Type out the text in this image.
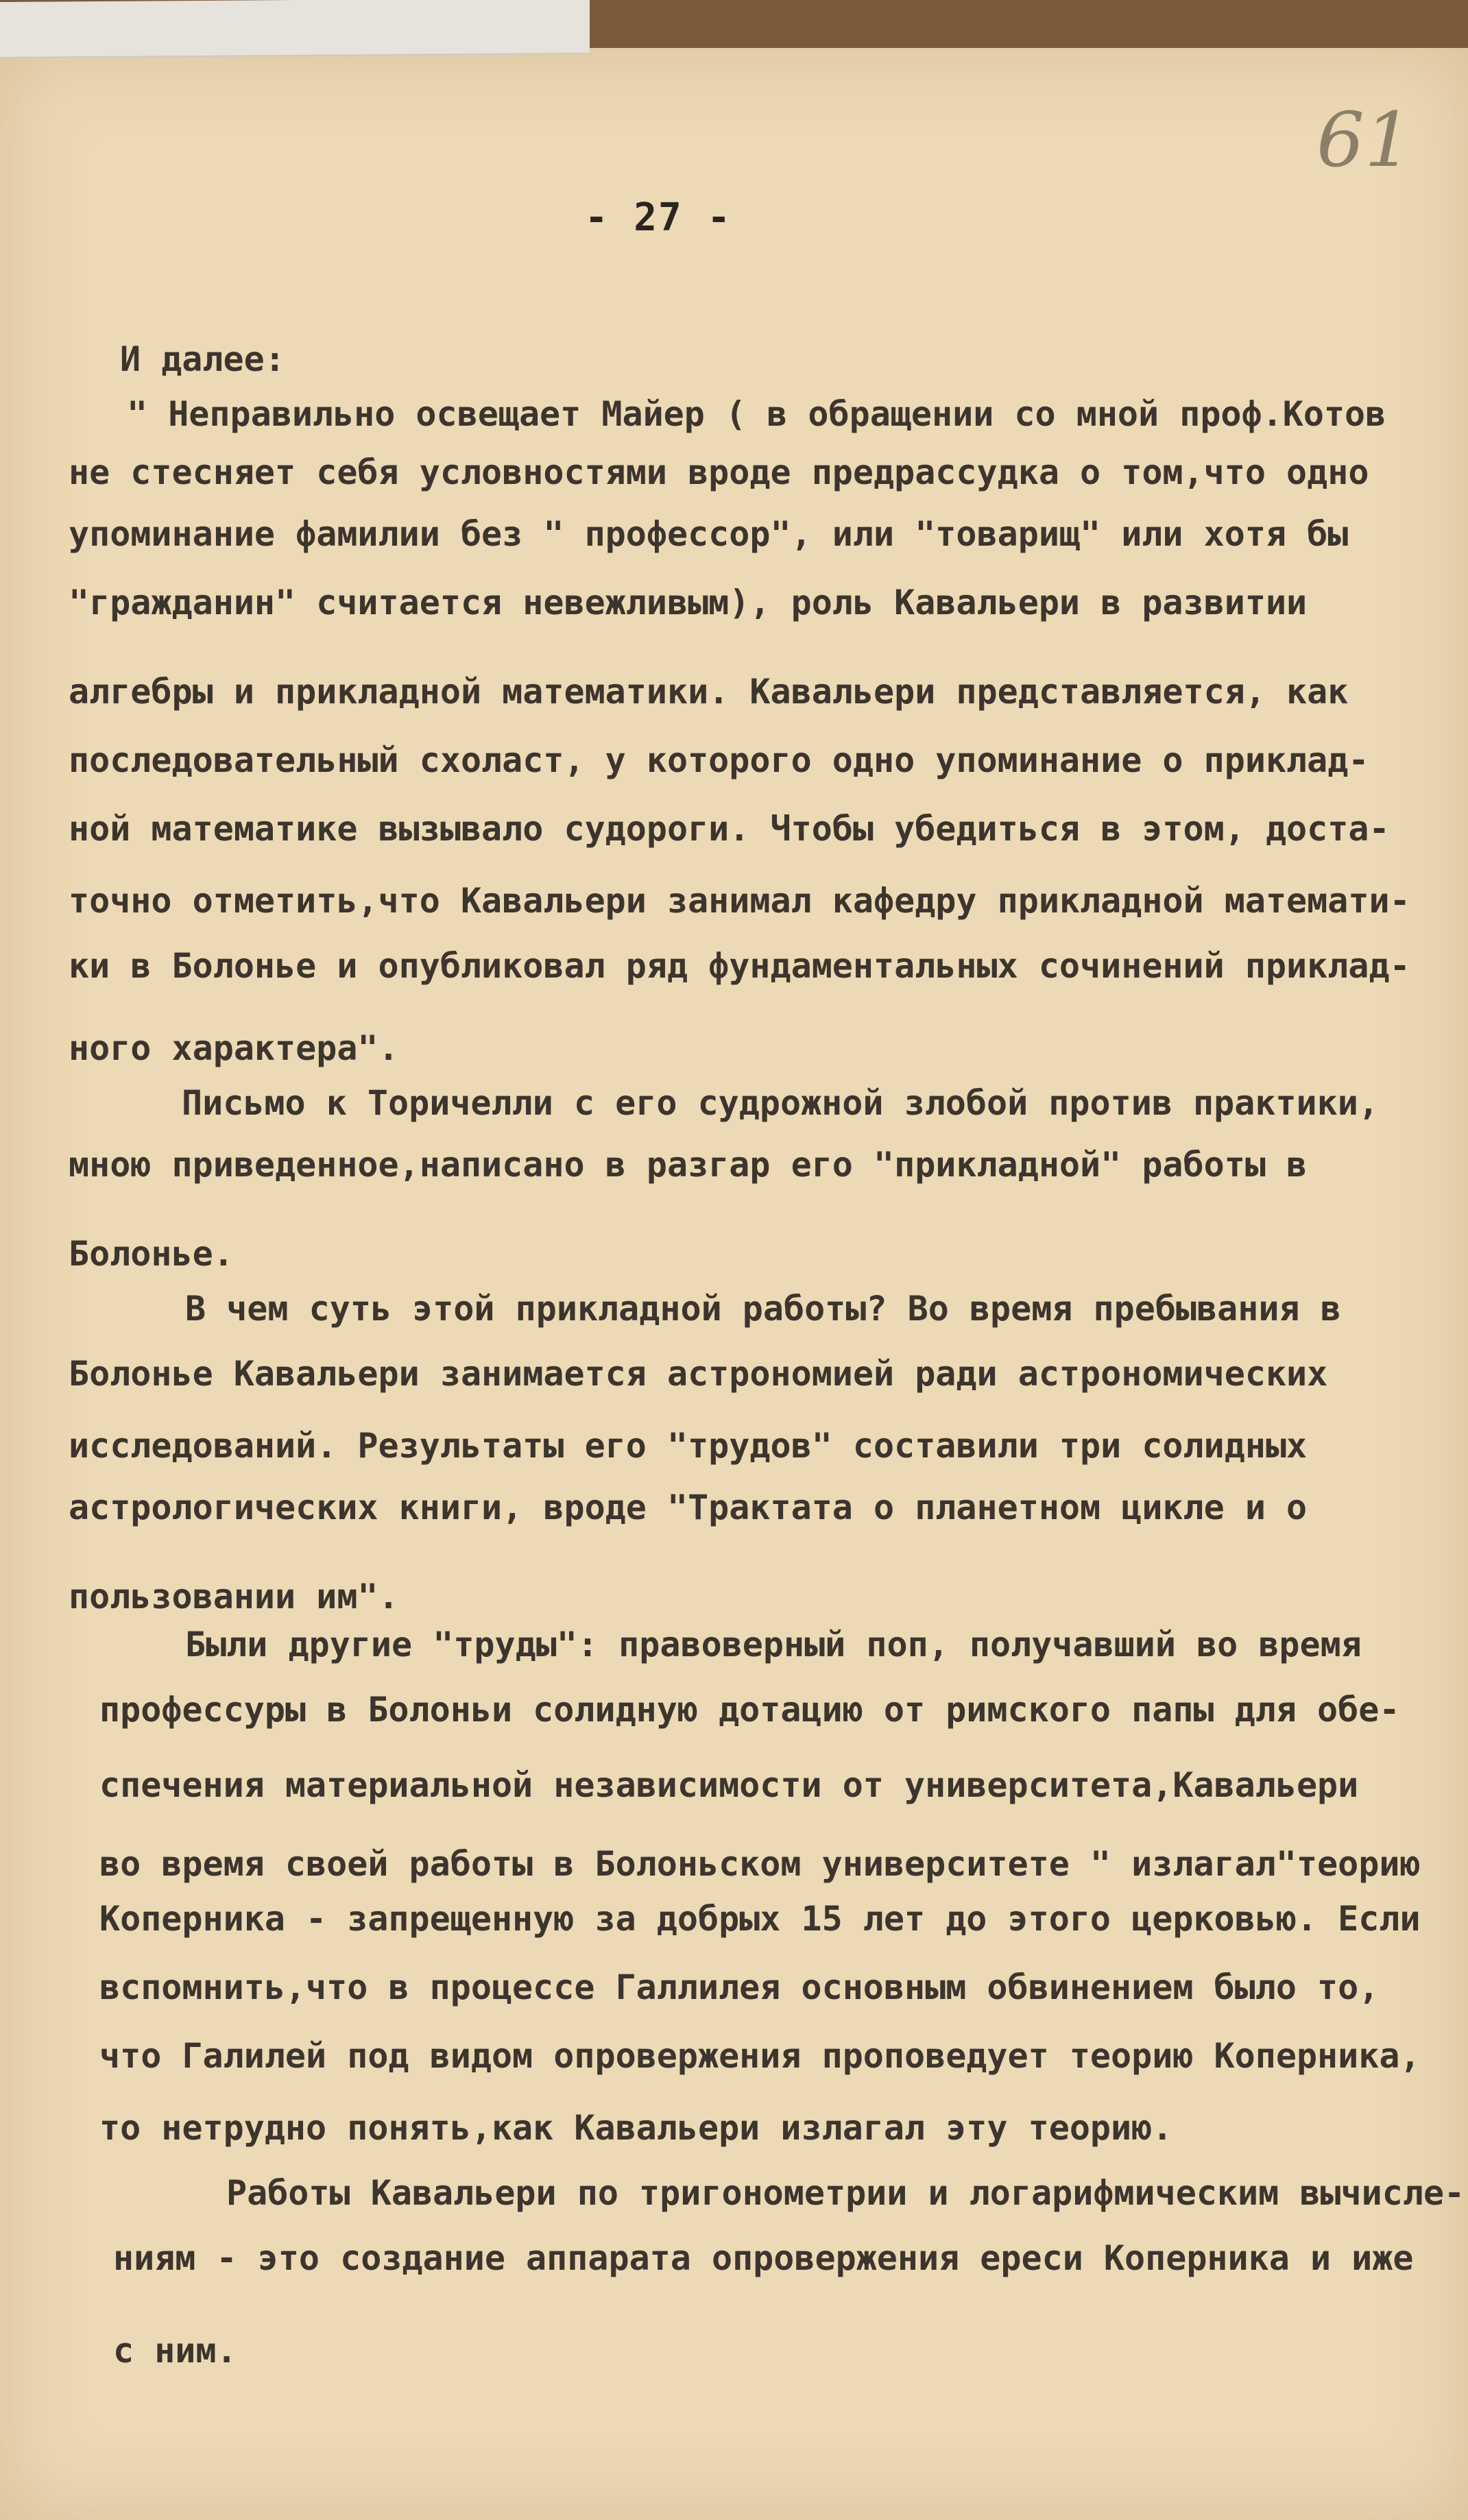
61
- 27 -
И далее:
" Неправильно освещает Майер ( в обращении со мной проф.Котов
не стесняет себя условностями вроде предрассудка о том,что одно
упоминание фамилии без " профессор", или "товарищ" или хотя бы
"гражданин" считается невежливым), роль Кавальери в развитии
алгебры и прикладной математики. Кавальери представляется, как
последовательный схоласт, у которого одно упоминание о приклад-
ной математике вызывало судороги. Чтобы убедиться в этом, доста-
точно отметить,что Кавальери занимал кафедру прикладной математи-
ки в Болонье и опубликовал ряд фундаментальных сочинений приклад-
ного характера".
Письмо к Торичелли с его судрожной злобой против практики,
мною приведенное,написано в разгар его "прикладной" работы в
Болонье.
В чем суть этой прикладной работы? Во время пребывания в
Болонье Кавальери занимается астрономией ради астрономических
исследований. Результаты его "трудов" составили три солидных
астрологических книги, вроде "Трактата о планетном цикле и о
пользовании им".
Были другие "труды": правоверный поп, получавший во время
профессуры в Болоньи солидную дотацию от римского папы для обе-
спечения материальной независимости от университета,Кавальери
во время своей работы в Болоньском университете " излагал"теорию
Коперника - запрещенную за добрых 15 лет до этого церковью. Если
вспомнить,что в процессе Галлилея основным обвинением было то,
что Галилей под видом опровержения проповедует теорию Коперника,
то нетрудно понять,как Кавальери излагал эту теорию.
Работы Кавальери по тригонометрии и логарифмическим вычисле-
ниям - это создание аппарата опровержения ереси Коперника и иже
с ним.
